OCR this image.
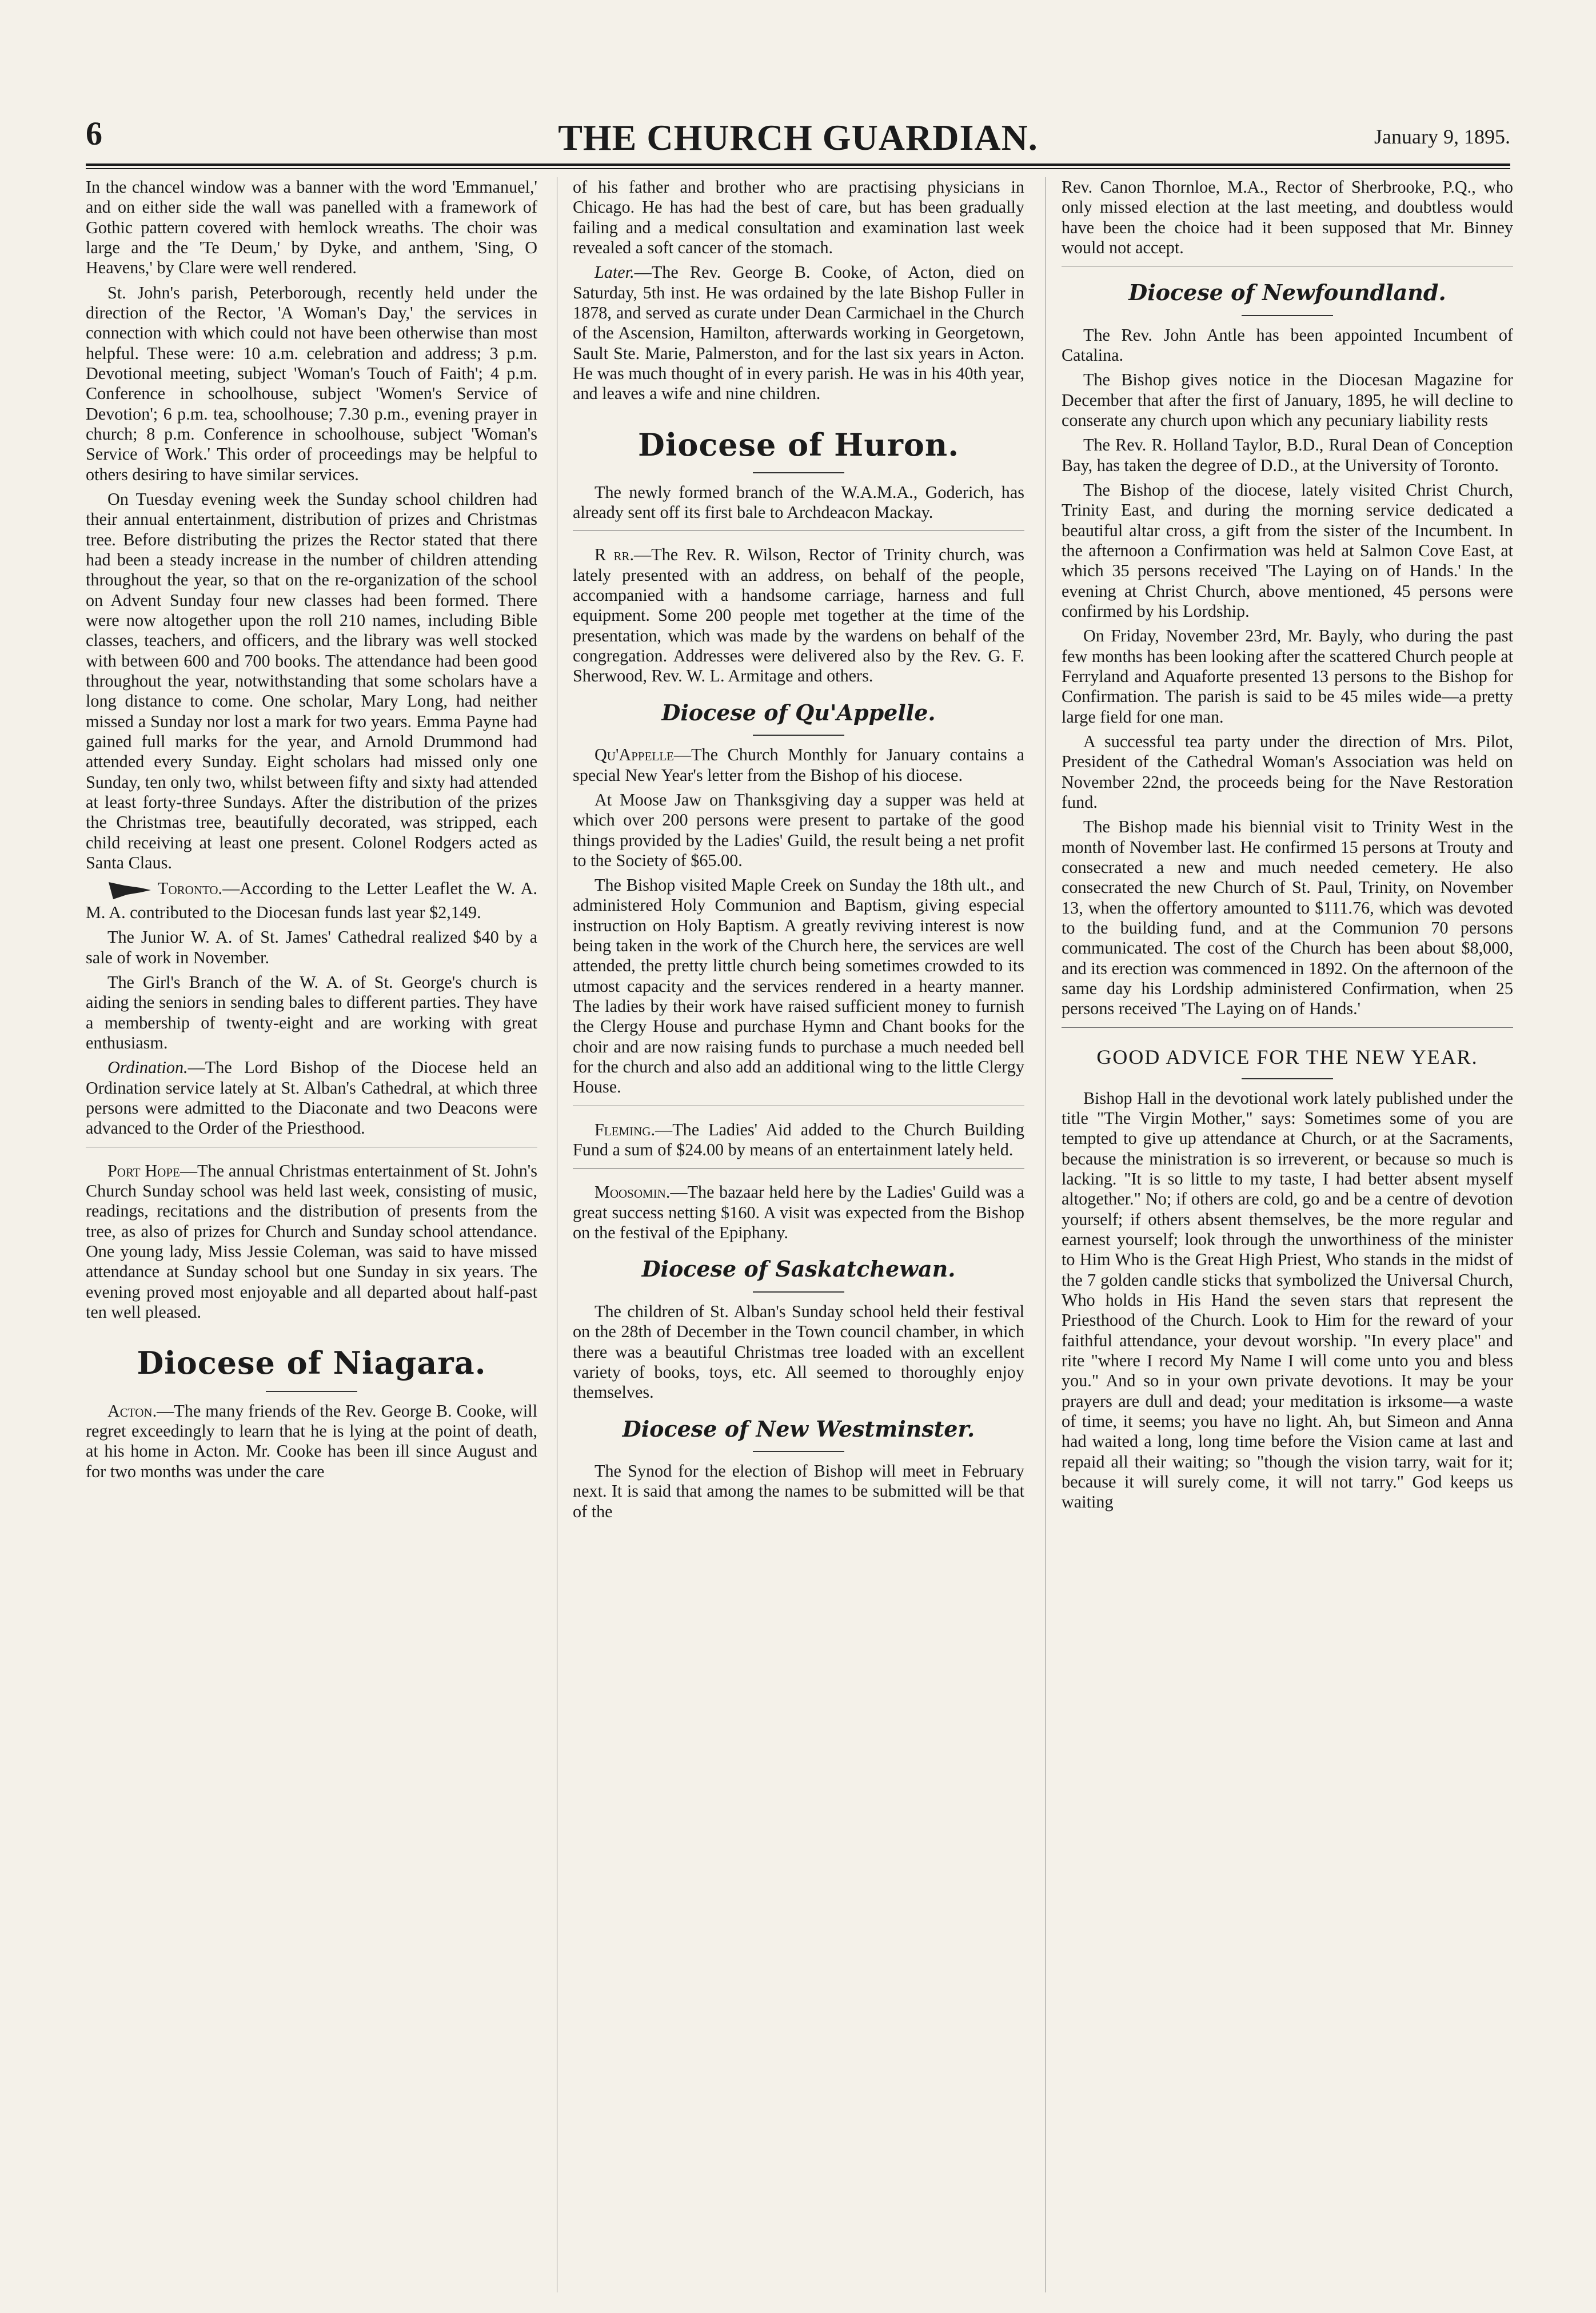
6	THE CHURCH GUARDIAN.	January 9, 1895.

In the chancel window was a banner with the word 'Emmanuel,' and on either side the wall was panelled with a framework of Gothic pattern covered with hemlock wreaths. The choir was large and the 'Te Deum,' by Dyke, and anthem, 'Sing, O Heavens,' by Clare were well rendered.

St. John's parish, Peterborough, recently held under the direction of the Rector, 'A Woman's Day,' the services in connection with which could not have been otherwise than most helpful. These were: 10 a.m. celebration and address; 3 p.m. Devotional meeting, subject 'Woman's Touch of Faith'; 4 p.m. Conference in schoolhouse, subject 'Women's Service of Devotion'; 6 p.m. tea, schoolhouse; 7.30 p.m., evening prayer in church; 8 p.m. Conference in schoolhouse, subject 'Woman's Service of Work.' This order of proceedings may be helpful to others desiring to have similar services.

On Tuesday evening week the Sunday school children had their annual entertainment, distribution of prizes and Christmas tree. Before distributing the prizes the Rector stated that there had been a steady increase in the number of children attending throughout the year, so that on the re-organization of the school on Advent Sunday four new classes had been formed. There were now altogether upon the roll 210 names, including Bible classes, teachers, and officers, and the library was well stocked with between 600 and 700 books. The attendance had been good throughout the year, notwithstanding that some scholars have a long distance to come. One scholar, Mary Long, had neither missed a Sunday nor lost a mark for two years. Emma Payne had gained full marks for the year, and Arnold Drummond had attended every Sunday. Eight scholars had missed only one Sunday, ten only two, whilst between fifty and sixty had attended at least forty-three Sundays. After the distribution of the prizes the Christmas tree, beautifully decorated, was stripped, each child receiving at least one present. Colonel Rodgers acted as Santa Claus.

Toronto.—According to the Letter Leaflet the W. A. M. A. contributed to the Diocesan funds last year $2,149.

The Junior W. A. of St. James' Cathedral realized $40 by a sale of work in November.

The Girl's Branch of the W. A. of St. George's church is aiding the seniors in sending bales to different parties. They have a membership of twenty-eight and are working with great enthusiasm.

Ordination.—The Lord Bishop of the Diocese held an Ordination service lately at St. Alban's Cathedral, at which three persons were admitted to the Diaconate and two Deacons were advanced to the Order of the Priesthood.

Port Hope—The annual Christmas entertainment of St. John's Church Sunday school was held last week, consisting of music, readings, recitations and the distribution of presents from the tree, as also of prizes for Church and Sunday school attendance. One young lady, Miss Jessie Coleman, was said to have missed attendance at Sunday school but one Sunday in six years. The evening proved most enjoyable and all departed about half-past ten well pleased.

Diocese of Niagara.

Acton.—The many friends of the Rev. George B. Cooke, will regret exceedingly to learn that he is lying at the point of death, at his home in Acton. Mr. Cooke has been ill since August and for two months was under the care

of his father and brother who are practising physicians in Chicago. He has had the best of care, but has been gradually failing and a medical consultation and examination last week revealed a soft cancer of the stomach.

Later.—The Rev. George B. Cooke, of Acton, died on Saturday, 5th inst. He was ordained by the late Bishop Fuller in 1878, and served as curate under Dean Carmichael in the Church of the Ascension, Hamilton, afterwards working in Georgetown, Sault Ste. Marie, Palmerston, and for the last six years in Acton. He was much thought of in every parish. He was in his 40th year, and leaves a wife and nine children.

Diocese of Huron.

The newly formed branch of the W.A.M.A., Goderich, has already sent off its first bale to Archdeacon Mackay.

R rr.—The Rev. R. Wilson, Rector of Trinity church, was lately presented with an address, on behalf of the people, accompanied with a handsome carriage, harness and full equipment. Some 200 people met together at the time of the presentation, which was made by the wardens on behalf of the congregation. Addresses were delivered also by the Rev. G. F. Sherwood, Rev. W. L. Armitage and others.

Diocese of Qu'Appelle.

Qu'Appelle—The Church Monthly for January contains a special New Year's letter from the Bishop of his diocese.

At Moose Jaw on Thanksgiving day a supper was held at which over 200 persons were present to partake of the good things provided by the Ladies' Guild, the result being a net profit to the Society of $65.00.

The Bishop visited Maple Creek on Sunday the 18th ult., and administered Holy Communion and Baptism, giving especial instruction on Holy Baptism. A greatly reviving interest is now being taken in the work of the Church here, the services are well attended, the pretty little church being sometimes crowded to its utmost capacity and the services rendered in a hearty manner. The ladies by their work have raised sufficient money to furnish the Clergy House and purchase Hymn and Chant books for the choir and are now raising funds to purchase a much needed bell for the church and also add an additional wing to the little Clergy House.

Fleming.—The Ladies' Aid added to the Church Building Fund a sum of $24.00 by means of an entertainment lately held.

Moosomin.—The bazaar held here by the Ladies' Guild was a great success netting $160. A visit was expected from the Bishop on the festival of the Epiphany.

Diocese of Saskatchewan.

The children of St. Alban's Sunday school held their festival on the 28th of December in the Town council chamber, in which there was a beautiful Christmas tree loaded with an excellent variety of books, toys, etc. All seemed to thoroughly enjoy themselves.

Diocese of New Westminster.

The Synod for the election of Bishop will meet in February next. It is said that among the names to be submitted will be that of the

Rev. Canon Thornloe, M.A., Rector of Sherbrooke, P.Q., who only missed election at the last meeting, and doubtless would have been the choice had it been supposed that Mr. Binney would not accept.

Diocese of Newfoundland.

The Rev. John Antle has been appointed Incumbent of Catalina.

The Bishop gives notice in the Diocesan Magazine for December that after the first of January, 1895, he will decline to conserate any church upon which any pecuniary liability rests

The Rev. R. Holland Taylor, B.D., Rural Dean of Conception Bay, has taken the degree of D.D., at the University of Toronto.

The Bishop of the diocese, lately visited Christ Church, Trinity East, and during the morning service dedicated a beautiful altar cross, a gift from the sister of the Incumbent. In the afternoon a Confirmation was held at Salmon Cove East, at which 35 persons received 'The Laying on of Hands.' In the evening at Christ Church, above mentioned, 45 persons were confirmed by his Lordship.

On Friday, November 23rd, Mr. Bayly, who during the past few months has been looking after the scattered Church people at Ferryland and Aquaforte presented 13 persons to the Bishop for Confirmation. The parish is said to be 45 miles wide—a pretty large field for one man.

A successful tea party under the direction of Mrs. Pilot, President of the Cathedral Woman's Association was held on November 22nd, the proceeds being for the Nave Restoration fund.

The Bishop made his biennial visit to Trinity West in the month of November last. He confirmed 15 persons at Trouty and consecrated a new and much needed cemetery. He also consecrated the new Church of St. Paul, Trinity, on November 13, when the offertory amounted to $111.76, which was devoted to the building fund, and at the Communion 70 persons communicated. The cost of the Church has been about $8,000, and its erection was commenced in 1892. On the afternoon of the same day his Lordship administered Confirmation, when 25 persons received 'The Laying on of Hands.'

GOOD ADVICE FOR THE NEW YEAR.

Bishop Hall in the devotional work lately published under the title "The Virgin Mother," says: Sometimes some of you are tempted to give up attendance at Church, or at the Sacraments, because the ministration is so irreverent, or because so much is lacking. "It is so little to my taste, I had better absent myself altogether." No; if others are cold, go and be a centre of devotion yourself; if others absent themselves, be the more regular and earnest yourself; look through the unworthiness of the minister to Him Who is the Great High Priest, Who stands in the midst of the 7 golden candle sticks that symbolized the Universal Church, Who holds in His Hand the seven stars that represent the Priesthood of the Church. Look to Him for the reward of your faithful attendance, your devout worship. "In every place" and rite "where I record My Name I will come unto you and bless you." And so in your own private devotions. It may be your prayers are dull and dead; your meditation is irksome—a waste of time, it seems; you have no light. Ah, but Simeon and Anna had waited a long, long time before the Vision came at last and repaid all their waiting; so "though the vision tarry, wait for it; because it will surely come, it will not tarry." God keeps us waiting
